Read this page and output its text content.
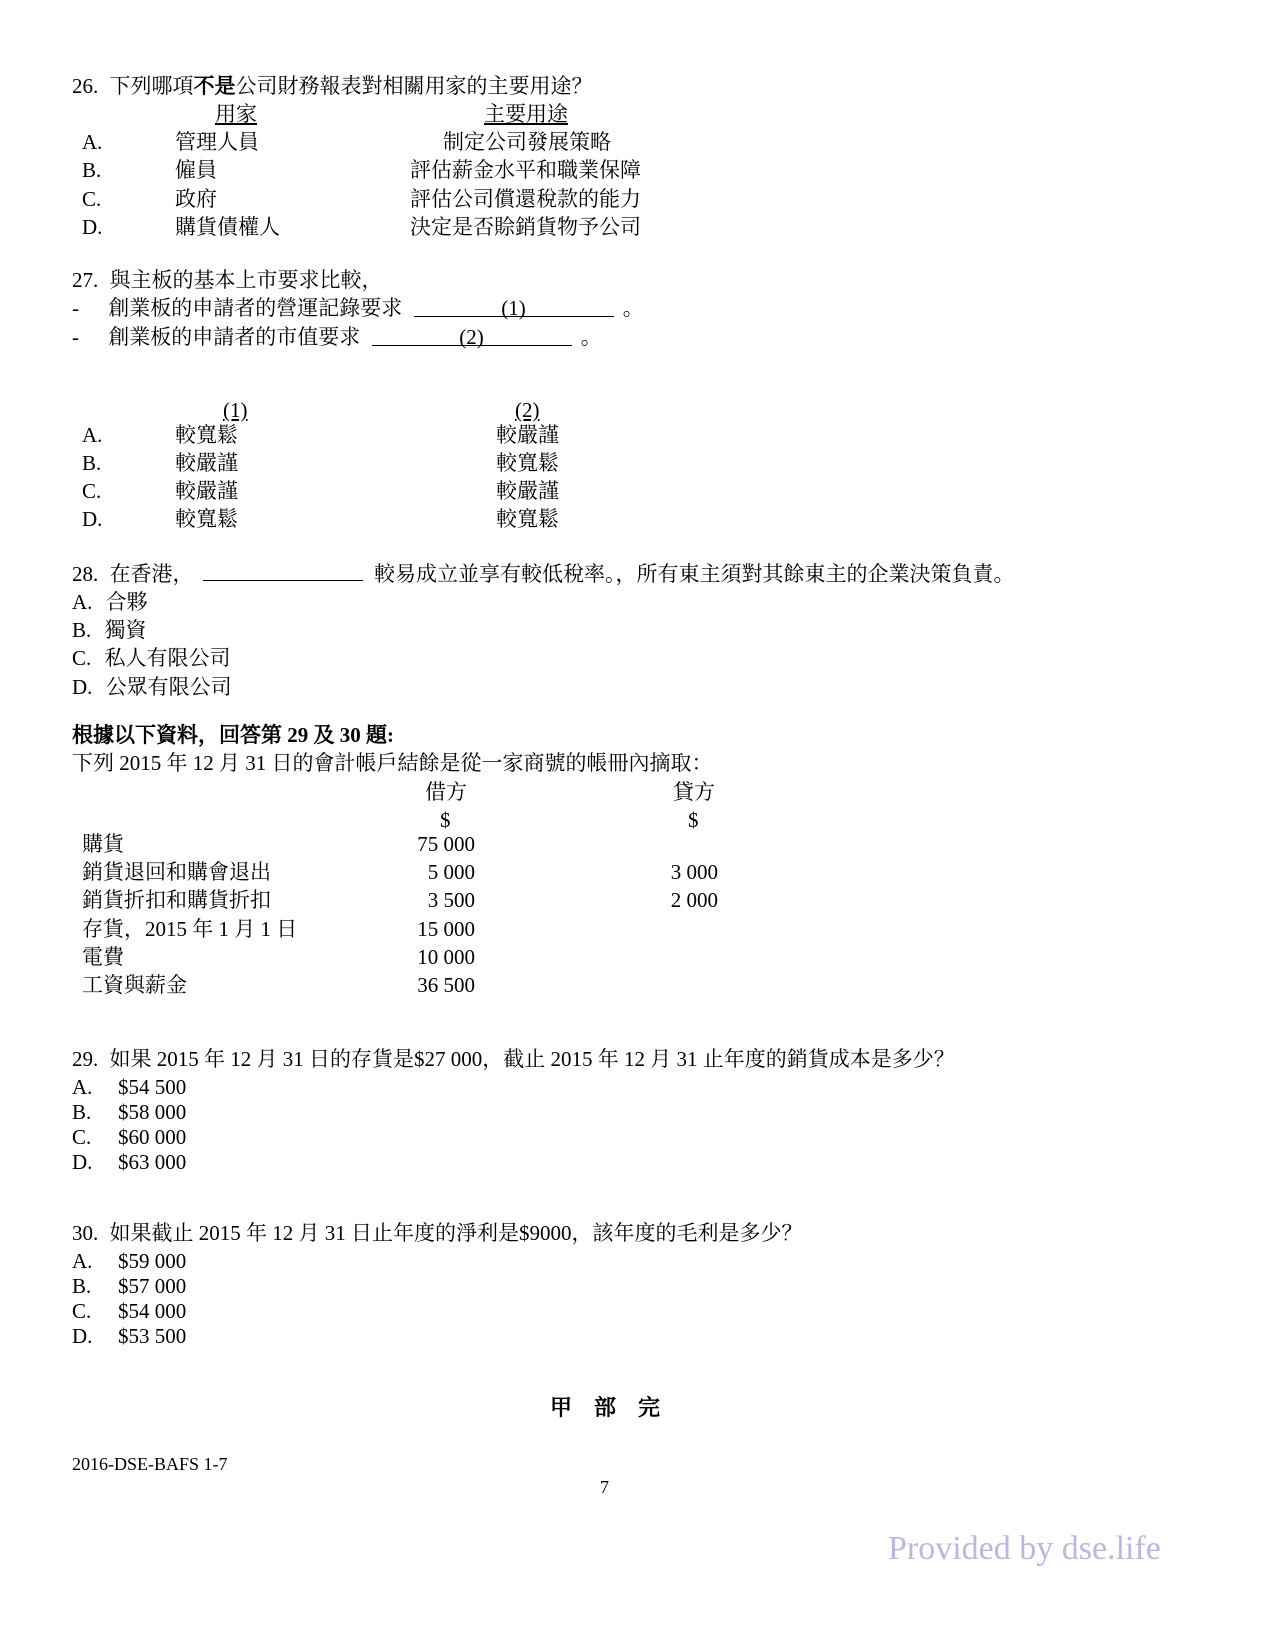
26. 下列哪項不是公司財務報表對相關用家的主要用途？
用家	主要用途
A.	管理人員	制定公司發展策略
B.	僱員	評估薪金水平和職業保障
C.	政府	評估公司償還稅款的能力
D.	購貨債權人	決定是否賒銷貨物予公司
27. 與主板的基本上市要求比較，
- 創業板的申請者的營運記錄要求	(1)	。
- 創業板的申請者的市值要求	(2)	。
(1)	(2)
A.	較寬鬆	較嚴謹
B.	較嚴謹	較寬鬆
C.	較嚴謹	較嚴謹
D.	較寬鬆	較寬鬆
28. 在香港，	較易成立並享有較低稅率。，所有東主須對其餘東主的企業決策負責。
A. 合夥
B. 獨資
C. 私人有限公司
D. 公眾有限公司
根據以下資料，回答第 29 及 30 題:
下列 2015 年 12 月 31 日的會計帳戶結餘是從一家商號的帳冊內摘取：
借方	貸方
$	$
購貨	75 000
銷貨退回和購會退出	5 000	3 000
銷貨折扣和購貨折扣	3 500	2 000
存貨，2015 年 1 月 1 日	15 000
電費	10 000
工資與薪金	36 500
29. 如果 2015 年 12 月 31 日的存貨是$27 000，截止 2015 年 12 月 31 止年度的銷貨成本是多少？
A. $54 500
B. $58 000
C. $60 000
D. $63 000
30. 如果截止 2015 年 12 月 31 日止年度的淨利是$9000，該年度的毛利是多少？
A. $59 000
B. $57 000
C. $54 000
D. $53 500
甲　部　完
2016-DSE-BAFS 1-7
7
Provided by dse.life
